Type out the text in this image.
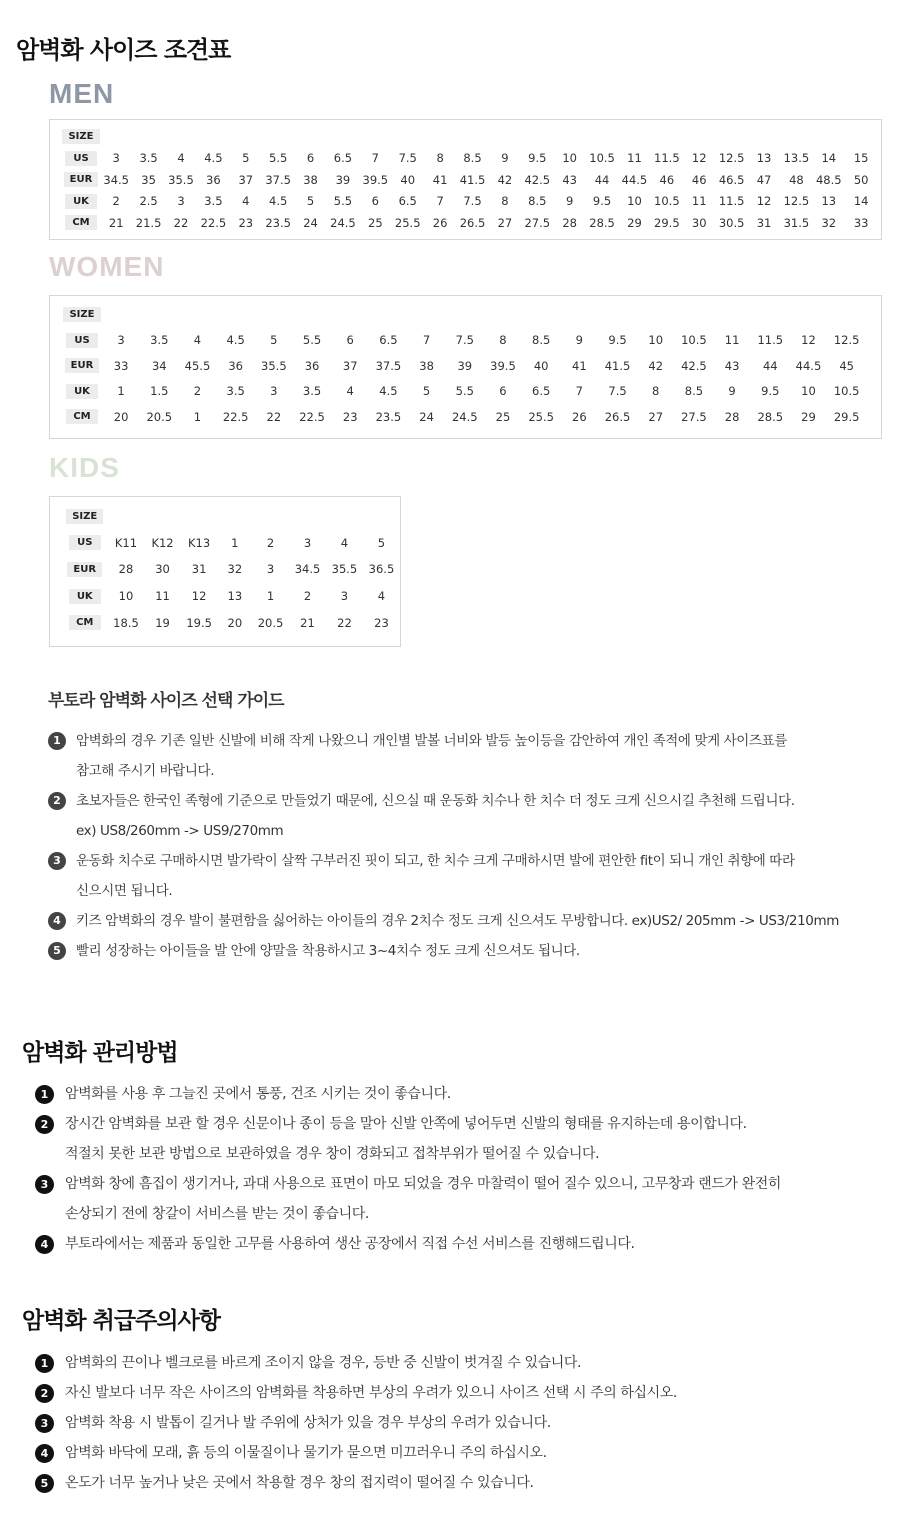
암벽화 사이즈 조견표
MEN
SIZE																								
US	3	3.5	4	4.5	5	5.5	6	6.5	7	7.5	8	8.5	9	9.5	10	10.5	11	11.5	12	12.5	13	13.5	14	15
EUR	34.5	35	35.5	36	37	37.5	38	39	39.5	40	41	41.5	42	42.5	43	44	44.5	46	46	46.5	47	48	48.5	50
UK	2	2.5	3	3.5	4	4.5	5	5.5	6	6.5	7	7.5	8	8.5	9	9.5	10	10.5	11	11.5	12	12.5	13	14
CM	21	21.5	22	22.5	23	23.5	24	24.5	25	25.5	26	26.5	27	27.5	28	28.5	29	29.5	30	30.5	31	31.5	32	33
WOMEN
SIZE																				
US	3	3.5	4	4.5	5	5.5	6	6.5	7	7.5	8	8.5	9	9.5	10	10.5	11	11.5	12	12.5
EUR	33	34	45.5	36	35.5	36	37	37.5	38	39	39.5	40	41	41.5	42	42.5	43	44	44.5	45
UK	1	1.5	2	3.5	3	3.5	4	4.5	5	5.5	6	6.5	7	7.5	8	8.5	9	9.5	10	10.5
CM	20	20.5	1	22.5	22	22.5	23	23.5	24	24.5	25	25.5	26	26.5	27	27.5	28	28.5	29	29.5
KIDS
SIZE								
US	K11	K12	K13	1	2	3	4	5
EUR	28	30	31	32	3	34.5	35.5	36.5
UK	10	11	12	13	1	2	3	4
CM	18.5	19	19.5	20	20.5	21	22	23
부토라 암벽화 사이즈 선택 가이드
1	암벽화의 경우 기존 일반 신발에 비해 작게 나왔으니 개인별 발볼 너비와 발등 높이등을 감안하여 개인 족적에 맞게 사이즈표를
참고해 주시기 바랍니다.
2	초보자들은 한국인 족형에 기준으로 만들었기 때문에, 신으실 때 운동화 치수나 한 치수 더 정도 크게 신으시길 추천해 드립니다.
ex) US8/260mm -> US9/270mm
3	운동화 치수로 구매하시면 발가락이 살짝 구부러진 핏이 되고, 한 치수 크게 구매하시면 발에 편안한 fit이 되니 개인 취향에 따라
신으시면 됩니다.
4	키즈 암벽화의 경우 발이 불편함을 싫어하는 아이들의 경우 2치수 정도 크게 신으셔도 무방합니다. ex)US2/ 205mm -> US3/210mm
5	빨리 성장하는 아이들을 발 안에 양말을 착용하시고 3~4치수 정도 크게 신으셔도 됩니다.
암벽화 관리방법
1	암벽화를 사용 후 그늘진 곳에서 통풍, 건조 시키는 것이 좋습니다.
2	장시간 암벽화를 보관 할 경우 신문이나 종이 등을 말아 신발 안쪽에 넣어두면 신발의 형태를 유지하는데 용이합니다.
적절치 못한 보관 방법으로 보관하였을 경우 창이 경화되고 접착부위가 떨어질 수 있습니다.
3	암벽화 창에 흠집이 생기거나, 과대 사용으로 표면이 마모 되었을 경우 마찰력이 떨어 질수 있으니, 고무창과 랜드가 완전히
손상되기 전에 창갈이 서비스를 받는 것이 좋습니다.
4	부토라에서는 제품과 동일한 고무를 사용하여 생산 공장에서 직접 수선 서비스를 진행해드립니다.
암벽화 취급주의사항
1	암벽화의 끈이나 벨크로를 바르게 조이지 않을 경우, 등반 중 신발이 벗겨질 수 있습니다.
2	자신 발보다 너무 작은 사이즈의 암벽화를 착용하면 부상의 우려가 있으니 사이즈 선택 시 주의 하십시오.
3	암벽화 착용 시 발톱이 길거나 발 주위에 상처가 있을 경우 부상의 우려가 있습니다.
4	암벽화 바닥에 모래, 흙 등의 이물질이나 물기가 묻으면 미끄러우니 주의 하십시오.
5	온도가 너무 높거나 낮은 곳에서 착용할 경우 창의 접지력이 떨어질 수 있습니다.
